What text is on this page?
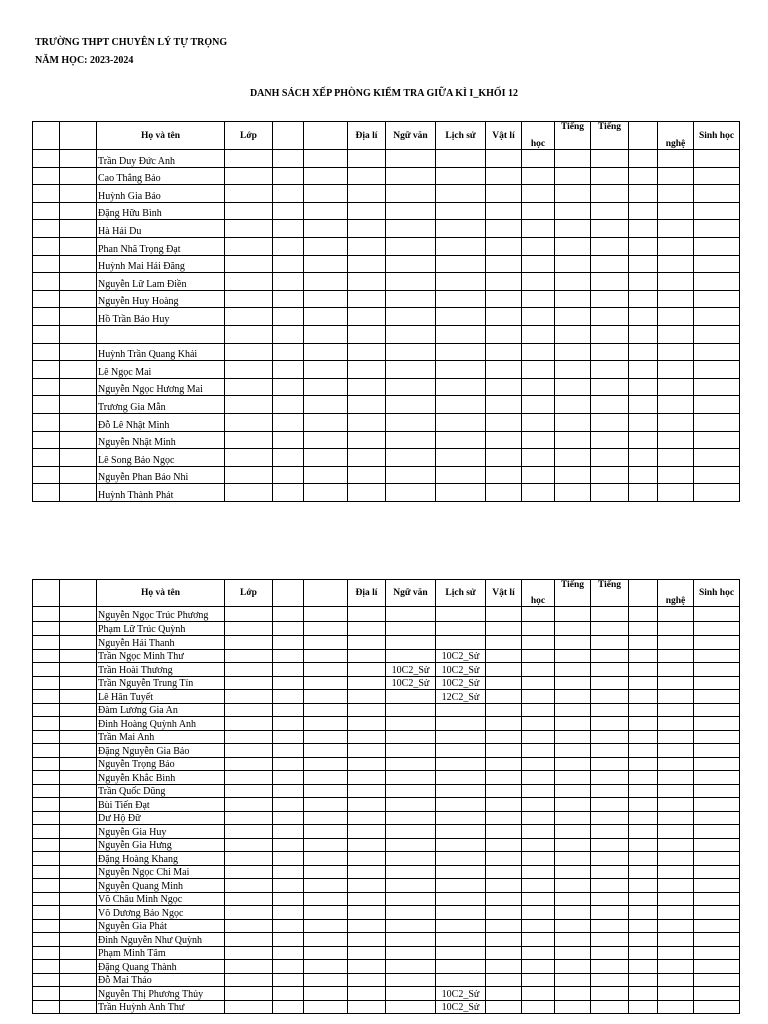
TRƯỜNG THPT CHUYÊN LÝ TỰ TRỌNG
NĂM HỌC: 2023-2024
DANH SÁCH XẾP PHÒNG KIỂM TRA GIỮA KÌ I_KHỐI 12
		Họ và tên	Lớp			Địa lí	Ngữ văn	Lịch sử	Vật lí	học	Tiếng	Tiếng		nghệ	Sinh học
		Trần Duy Đức Anh													
		Cao Thắng Bảo													
		Huỳnh Gia Bảo													
		Đặng Hữu Bình													
		Hà Hải Du													
		Phan Nhã Trọng Đạt													
		Huỳnh Mai Hải Đăng													
		Nguyễn Lữ Lam Điền													
		Nguyễn Huy Hoàng													
		Hồ Trần Bảo Huy													

		Huỳnh Trần Quang Khải													
		Lê Ngọc Mai													
		Nguyễn Ngọc Hương Mai													
		Trương Gia Mẫn													
		Đỗ Lê Nhật Minh													
		Nguyễn Nhật Minh													
		Lê Song Bảo Ngọc													
		Nguyễn Phan Bảo Nhi													
		Huỳnh Thành Phát													
		Họ và tên	Lớp			Địa lí	Ngữ văn	Lịch sử	Vật lí	học	Tiếng	Tiếng		nghệ	Sinh học
		Nguyễn Ngọc Trúc Phương													
		Phạm Lữ Trúc Quỳnh													
		Nguyễn Hải Thanh													
		Trần Ngọc Minh Thư						10C2_Sử							
		Trần Hoài Thương					10C2_Sử	10C2_Sử							
		Trần Nguyễn Trung Tín					10C2_Sử	10C2_Sử							
		Lê Hân Tuyết						12C2_Sử							
		Đàm Lương Gia An													
		Đinh Hoàng Quỳnh Anh													
		Trần Mai Anh													
		Đặng Nguyễn Gia Bảo													
		Nguyễn Trọng Bảo													
		Nguyễn Khắc Bình													
		Trần Quốc Dũng													
		Bùi Tiến Đạt													
		Dư Hộ Đữ													
		Nguyễn Gia Huy													
		Nguyễn Gia Hưng													
		Đặng Hoàng Khang													
		Nguyễn Ngọc Chi Mai													
		Nguyễn Quang Minh													
		Võ Châu Minh Ngọc													
		Võ Dương Bảo Ngọc													
		Nguyễn Gia Phát													
		Đinh Nguyễn Như Quỳnh													
		Phạm Minh Tâm													
		Đặng Quang Thành													
		Đỗ Mai Thảo													
		Nguyễn Thị Phương Thủy						10C2_Sử							
		Trần Huỳnh Anh Thư						10C2_Sử							
